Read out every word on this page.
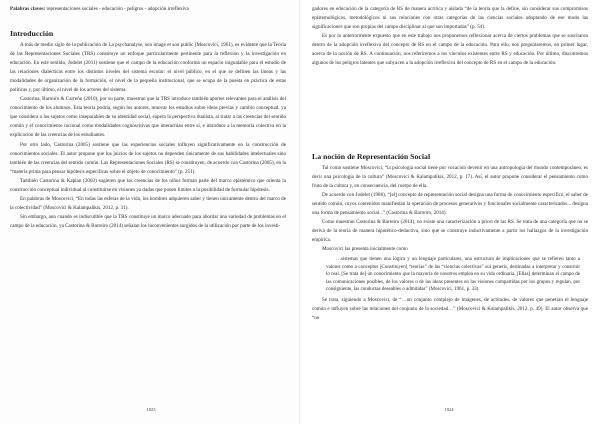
Palabras claves: representaciones sociales - educación - peligros - adopción irreflexiva

Introducción

A más de medio siglo de la publicación de La psychanalyse, son image et son public (Moscovici, 1961), es evidente que la Teoría de las Representaciones Sociales (TRS) constituye un enfoque particularmente pertinente para la reflexión y la investigación en educación. En este sentido, Jodelet (2011) sostiene que el campo de la educación conforma un espacio inigualable para el estudio de las relaciones dialécticas entre los distintos niveles del sistema escolar: el nivel público, en el que se definen las líneas y las modalidades de organización de la formación, el nivel de la pequeña institucional, que se ocupa de la puesta en práctica de estas políticas y, por último, el nivel de los actores del sistema.

Castorina, Barreiro & Carreño (2010), por su parte, muestran que la TRS introduce también aportes relevantes para el análisis del conocimiento de los alumnos. Esta teoría podría, según los autores, renovar los estudios sobre ideas previas y cambio conceptual, ya que considera a los sujetos como inseparables de su identidad social, supera la perspectiva dualista, al tratar a las creencias del sentido común y el conocimiento racional como modalidades cognoscitivas que interactúan entre sí, e introduce a la memoria colectiva en la explicación de las creencias de los estudiantes.

Por otro lado, Castorina (2005) sostiene que las experiencias sociales influyen significativamente en la construcción de conocimientos sociales. El autor propone que los juicios de los sujetos no dependen únicamente de sus habilidades intelectuales sino también de las creencias del sentido común. Las Representaciones Sociales (RS) se constituyen, de acuerdo con Castorina (2005), en la “materia prima para pensar hipótesis específicas sobre el objeto de conocimiento” (p. 251).

También Castorina & Kaplan (2003) sugieren que las creencias de los niños forman parte del marco epistémico que orienta la construcción conceptual individual al constituirse en visiones ya dadas que ponen límites a la posibilidad de formular hipótesis.

En palabras de Moscovici, “En todas las esferas de la vida, los hombres adquieren saber y tienen únicamente dentro del marco de la colectividad” (Moscovici & Kalampalikis, 2012, p. 31).

Sin embargo, aun cuando es indiscutible que la TRS constituye un marco adecuado para abordar una variedad de problemas en el campo de la educación, ya Castorina & Barreiro (2014) señalan los inconvenientes surgidos de la utilización por parte de los investi-

1023

gadores en educación de la categoría de RS de manera acrítica y aislada “de la teoría que la define, sin considerar sus compromisos epistemológicos, metodológicos ni sus relaciones con otras categorías de las ciencias sociales adoptando de ese modo las significaciones que son propias del campo disciplinar al que son importadas” (p. 54).

Es por lo anteriormente expuesto que en este trabajo nos proponemos reflexionar acerca de ciertos problemas que se suscitaron dentro de la adopción irreflexiva del concepto de RS en el campo de la educación. Para ello, nos preguntaremos, en primer lugar, acerca de la noción de RS. A continuación, nos referiremos a los vínculos existentes entre RS y educación. Por último, discutiremos algunos de los peligros latentes que subyacen a la adopción irreflexiva del concepto de RS en el campo de la educación.

La noción de Representación Social

Tal como sostiene Moscovici, “la psicología social tiene por vocación devenir en una antropología del mundo contemporáneo, es decir una psicología de la cultura” (Moscovici & Kalampalikis, 2012, p. 17). Así, el autor propone considerar el pensamiento como fruto de la cultura y, en consecuencia, del cuerpo de ella.

De acuerdo con Jodelet (1986), “[el] concepto de representación social designa una forma de conocimiento específico, el saber de sentido común, cuyos contenidos manifiestan la operación de procesos generativos y funcionales socialmente caracterizados... designa una forma de pensamiento social...” (Castorina & Barreiro, 2014).

Como muestran Castorina & Barreiro (2014), no existe una caracterización a priori de las RS. Se trata de una categoría que no se deriva de la teoría de manera hipotético-deductiva, sino que se construye inductivamente a partir los hallazgos de la investigación empírica.

Moscovici las presenta inicialmente como

…sistemas que tienen una lógica y un lenguaje particulares, una estructura de implicaciones que se refieren tanto a valores como a conceptos [Constituyen] “teorías” de las “ciencias colectivas” sui generis, destinadas a interpretar y construir lo real. [Se trata de] un conocimiento que la mayoría de nosotros emplea en su vida ordinaria. [Ellas] determinan el campo de las comunicaciones posibles, de los valores o de las ideas presentes en las visiones compartidas por los grupos y regulan, por consiguiente, las conductas deseables o admitidas” (Moscovici, 1961, p. 33).

Se trata, siguiendo a Moscovici, de “…un conjunto complejo de imágenes, de actitudes, de valores que penetran el lenguaje común e influyen sobre las relaciones del conjunto de la sociedad…” (Moscovici & Kalampalikis, 2012, p. 49). El autor observa que “no

1024
